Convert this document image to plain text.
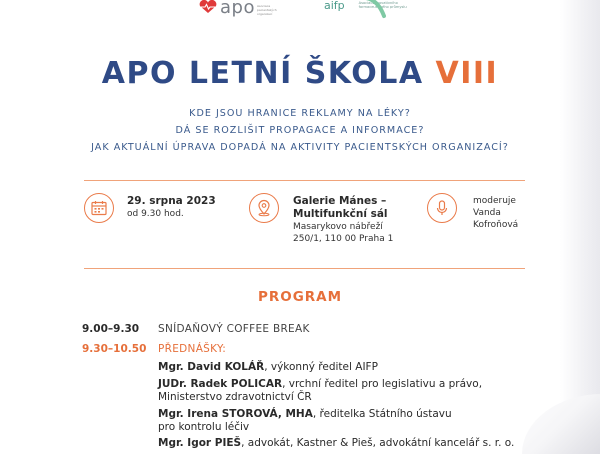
apo Asociace pacientských organizací
aifp	Asociace inovativního farmaceutického průmyslu
APO LETNÍ ŠKOLA VIII
KDE JSOU HRANICE REKLAMY NA LÉKY?
DÁ SE ROZLIŠIT PROPAGACE A INFORMACE?
JAK AKTUÁLNÍ ÚPRAVA DOPADÁ NA AKTIVITY PACIENTSKÝCH ORGANIZACÍ?
29. srpna 2023
od 9.30 hod.
Galerie Mánes –
Multifunkční sál
Masarykovo nábřeží
250/1, 110 00 Praha 1
moderuje
Vanda
Kofroňová
PROGRAM
9.00–9.30 SNÍDAŇOVÝ COFFEE BREAK
9.30–10.50 PŘEDNÁŠKY:
Mgr. David KOLÁŘ, výkonný ředitel AIFP
JUDr. Radek POLICAR, vrchní ředitel pro legislativu a právo,
Ministerstvo zdravotnictví ČR
Mgr. Irena STOROVÁ, MHA, ředitelka Státního ústavu
pro kontrolu léčiv
Mgr. Igor PIEŠ, advokát, Kastner & Pieš, advokátní kancelář s. r. o.
